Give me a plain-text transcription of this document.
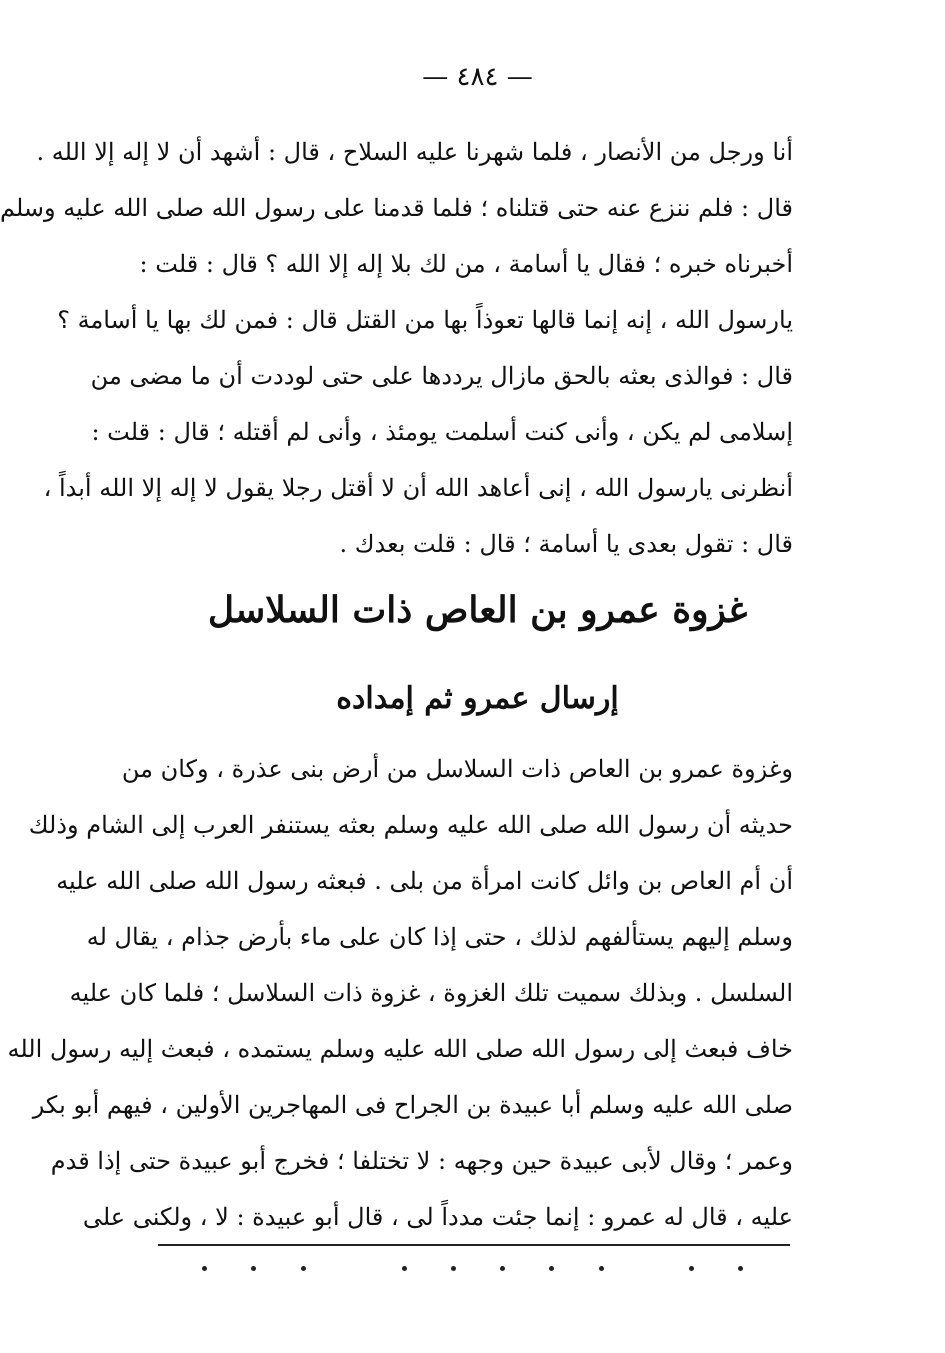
— ٤٨٤ —
أنا ورجل من الأنصار ، فلما شهرنا عليه السلاح ، قال : أشهد أن لا إله إلا الله .
قال : فلم ننزع عنه حتى قتلناه ؛ فلما قدمنا على رسول الله صلى الله عليه وسلم
أخبرناه خبره ؛ فقال يا أسامة ، من لك بلا إله إلا الله ؟ قال : قلت :
يارسول الله ، إنه إنما قالها تعوذاً بها من القتل قال : فمن لك بها يا أسامة ؟
قال : فوالذى بعثه بالحق مازال يرددها على حتى لوددت أن ما مضى من
إسلامى لم يكن ، وأنى كنت أسلمت يومئذ ، وأنى لم أقتله ؛ قال : قلت :
أنظرنى يارسول الله ، إنى أعاهد الله أن لا أقتل رجلا يقول لا إله إلا الله أبداً ،
قال : تقول بعدى يا أسامة ؛ قال : قلت بعدك .
غزوة عمرو بن العاص ذات السلاسل
إرسال عمرو ثم إمداده
وغزوة عمرو بن العاص ذات السلاسل من أرض بنى عذرة ، وكان من
حديثه أن رسول الله صلى الله عليه وسلم بعثه يستنفر العرب إلى الشام وذلك
أن أم العاص بن وائل كانت امرأة من بلى . فبعثه رسول الله صلى الله عليه
وسلم إليهم يستألفهم لذلك ، حتى إذا كان على ماء بأرض جذام ، يقال له
السلسل . وبذلك سميت تلك الغزوة ، غزوة ذات السلاسل ؛ فلما كان عليه
خاف فبعث إلى رسول الله صلى الله عليه وسلم يستمده ، فبعث إليه رسول الله
صلى الله عليه وسلم أبا عبيدة بن الجراح فى المهاجرين الأولين ، فيهم أبو بكر
وعمر ؛ وقال لأبى عبيدة حين وجهه : لا تختلفا ؛ فخرج أبو عبيدة حتى إذا قدم
عليه ، قال له عمرو : إنما جئت مدداً لى ، قال أبو عبيدة : لا ، ولكنى على
